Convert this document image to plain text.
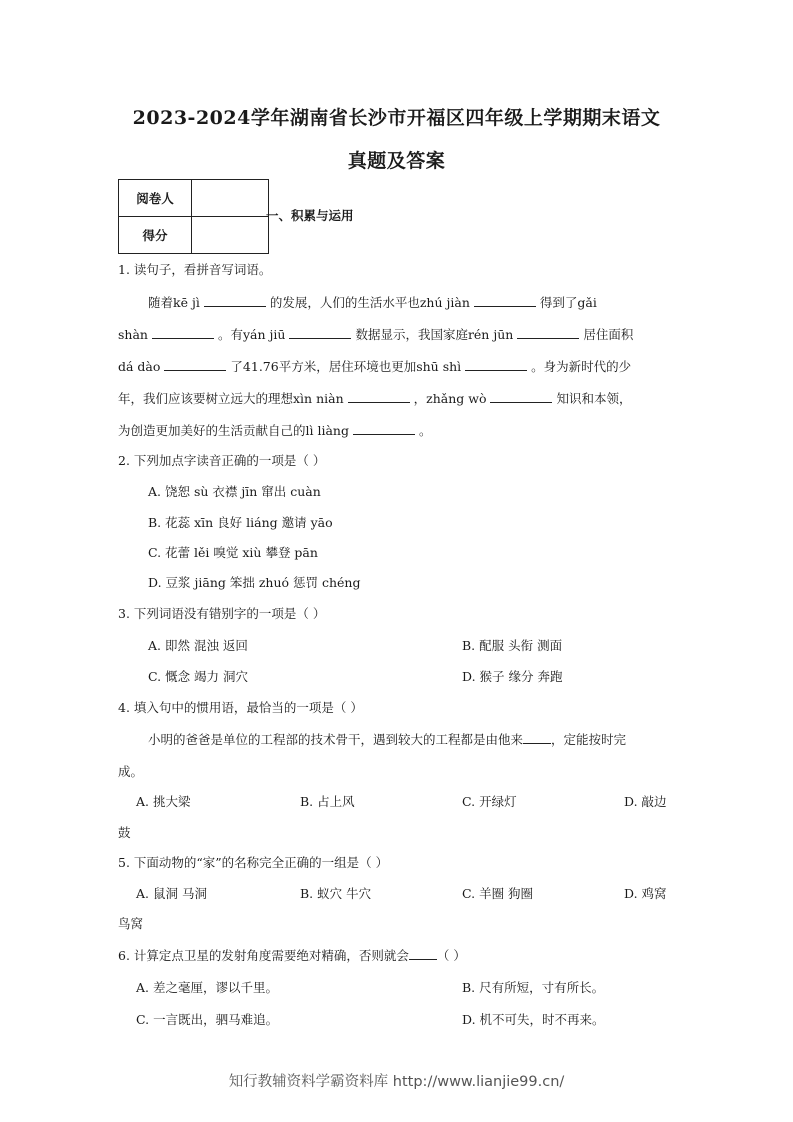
2023-2024学年湖南省长沙市开福区四年级上学期期末语文
真题及答案
阅卷人	
得分	
一、积累与运用
1. 读句子，看拼音写词语。
随着kē jì	的发展，人们的生活水平也zhú jiàn	得到了gǎi
shàn	。有yán jiū	数据显示，我国家庭rén jūn	居住面积
dá dào	了41.76平方米，居住环境也更加shū shì	。身为新时代的少
年，我们应该要树立远大的理想xìn niàn	，zhǎng wò	知识和本领，
为创造更加美好的生活贡献自己的lì liàng	。
2. 下列加点字读音正确的一项是（ ）
A. 饶恕 sù 衣襟 jīn 窜出 cuàn
B. 花蕊 xīn 良好 liáng 邀请 yāo
C. 花蕾 lěi 嗅觉 xiù 攀登 pān
D. 豆浆 jiāng 笨拙 zhuó 惩罚 chéng
3. 下列词语没有错别字的一项是（ ）
A. 即然 混浊 返回	B. 配服 头衔 测面
C. 慨念 竭力 洞穴	D. 猴子 缘分 奔跑
4. 填入句中的惯用语，最恰当的一项是（ ）
小明的爸爸是单位的工程部的技术骨干，遇到较大的工程都是由他来 ，定能按时完
成。
A. 挑大梁	B. 占上风	C. 开绿灯	D. 敲边
鼓
5. 下面动物的“家”的名称完全正确的一组是（ ）
A. 鼠洞 马洞	B. 蚁穴 牛穴	C. 羊圈 狗圈	D. 鸡窝
鸟窝
6. 计算定点卫星的发射角度需要绝对精确，否则就会 （ ）
A. 差之毫厘，谬以千里。	B. 尺有所短，寸有所长。
C. 一言既出，驷马难追。	D. 机不可失，时不再来。
知行教辅资料学霸资料库 http://www.lianjie99.cn/
